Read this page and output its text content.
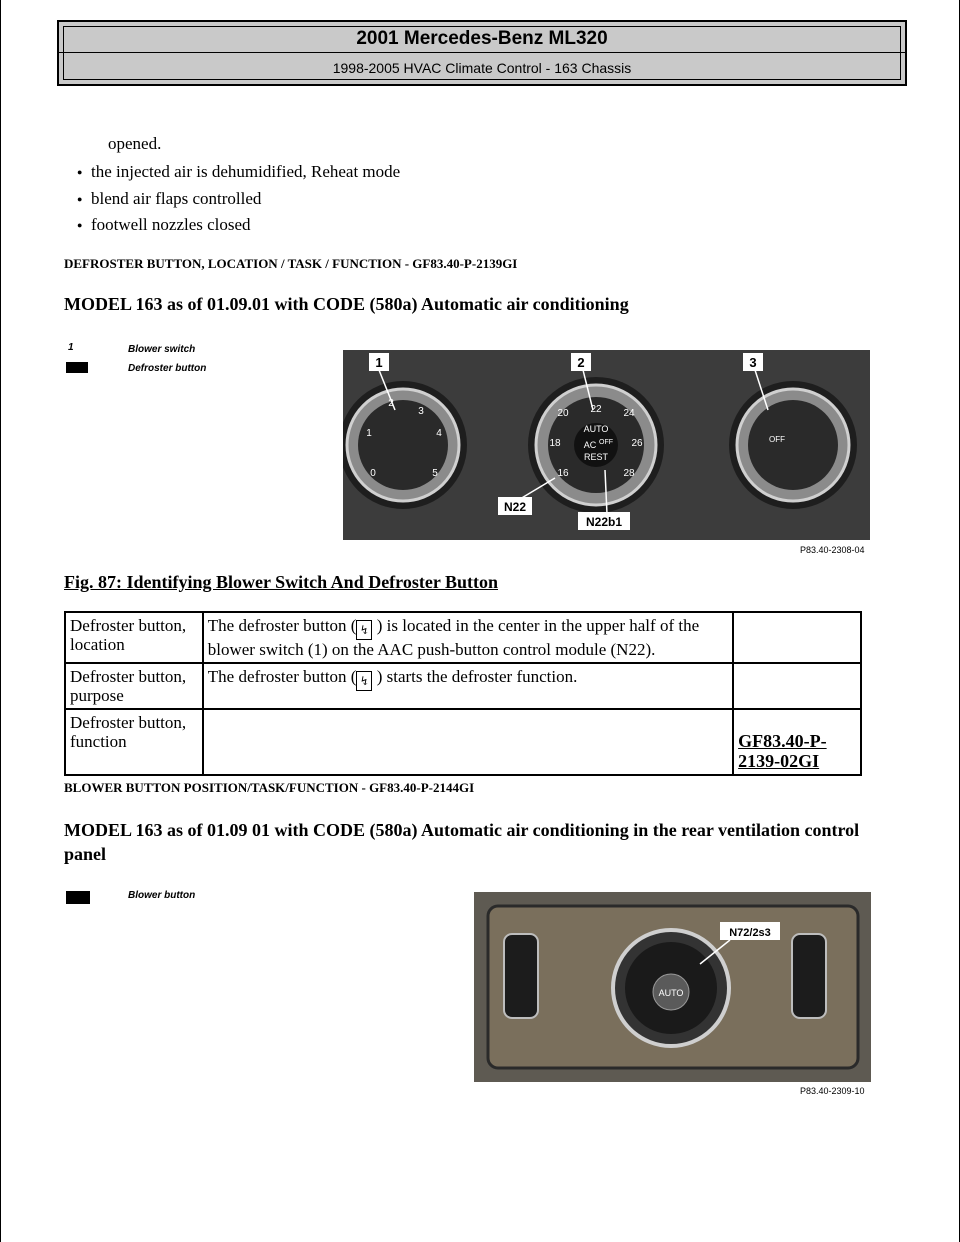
2001 Mercedes-Benz ML320
1998-2005 HVAC Climate Control - 163 Chassis
opened.
● the injected air is dehumidified, Reheat mode
● blend air flaps controlled
● footwell nozzles closed
DEFROSTER BUTTON, LOCATION / TASK / FUNCTION - GF83.40-P-2139GI
MODEL 163 as of 01.09.01 with CODE (580a) Automatic air conditioning
1	Blower switch
Defroster button	1	2	3
N22
N22b1
2
3
1	4
0	5
22
20	24
18	26
16	28
AUTO
AC OFF
REST
OFF
P83.40-2308-04
Fig. 87: Identifying Blower Switch And Defroster Button
Defroster button, location	The defroster button ( ↯ ) is located in the center in the upper half of the blower switch (1) on the AAC push-button control module (N22).	
Defroster button, purpose	The defroster button ( ↯ ) starts the defroster function.	
Defroster button, function		GF83.40-P-2139-02GI
BLOWER BUTTON POSITION/TASK/FUNCTION - GF83.40-P-2144GI
MODEL 163 as of 01.09 01 with CODE (580a) Automatic air conditioning in the rear ventilation control panel
Blower button
AUTO
N72/2s3
P83.40-2309-10
